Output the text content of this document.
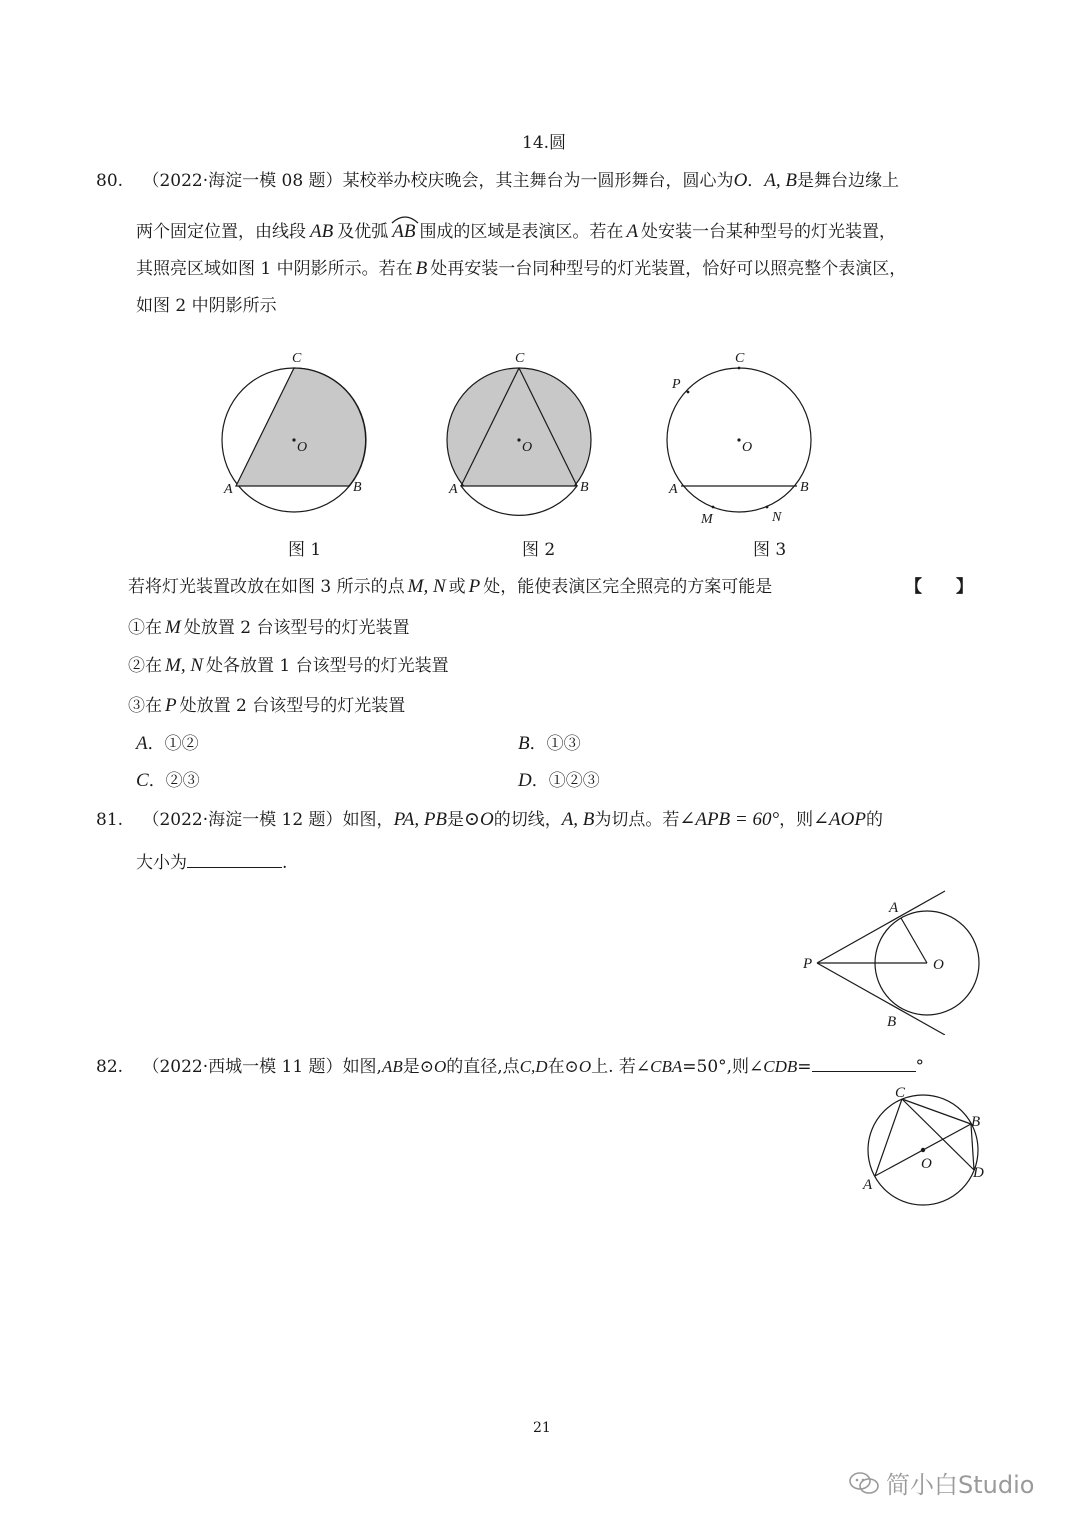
14.圆
80. （2022·海淀一模 08 题）某校举办校庆晚会，其主舞台为一圆形舞台，圆心为O．A, B是舞台边缘上
两个固定位置，由线段 AB 及优弧 AB 围成的区域是表演区。若在 A 处安装一台某种型号的灯光装置，
其照亮区域如图 1 中阴影所示。若在 B 处再安装一台同种型号的灯光装置，恰好可以照亮整个表演区，
如图 2 中阴影所示
C
O
A	B
C
O
A	B
C
P
O
A	B
M	N
图 1	图 2	图 3
若将灯光装置改放在如图 3 所示的点 M, N 或 P 处，能使表演区完全照亮的方案可能是	【　　】
①在 M 处放置 2 台该型号的灯光装置
②在 M, N 处各放置 1 台该型号的灯光装置
③在 P 处放置 2 台该型号的灯光装置
A．①②	B．①③
C．②③	D．①②③
81. （2022·海淀一模 12 题）如图，PA, PB是⊙O的切线，A, B为切点。若∠APB = 60°，则∠AOP的
大小为	.
A
B
P	O
82. （2022·西城一模 11 题）如图,AB是⊙O的直径,点C,D在⊙O上. 若∠CBA=50°,则∠CDB=	°
C
B
D
A
O
21
简小白Studio
